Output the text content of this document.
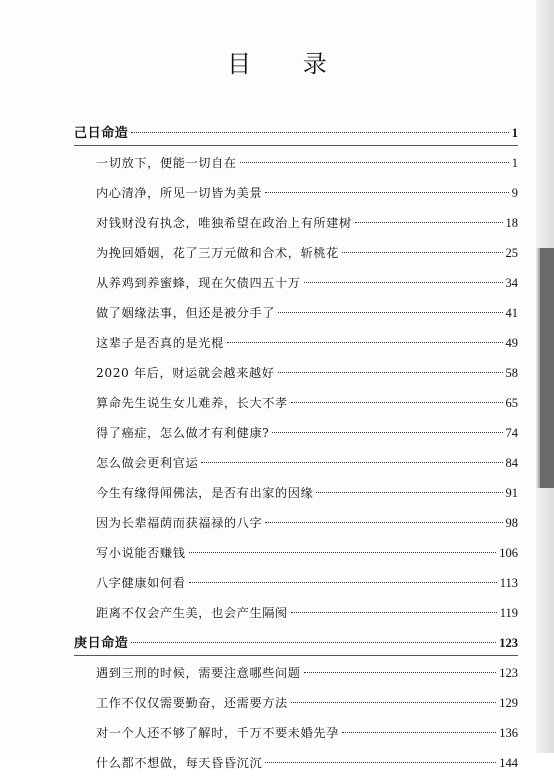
目 录
己日命造	1
一切放下，便能一切自在	1
内心清净，所见一切皆为美景	9
对钱财没有执念，唯独希望在政治上有所建树	18
为挽回婚姻，花了三万元做和合术，斩桃花	25
从养鸡到养蜜蜂，现在欠债四五十万	34
做了姻缘法事，但还是被分手了	41
这辈子是否真的是光棍	49
2020 年后，财运就会越来越好	58
算命先生说生女儿难养，长大不孝	65
得了癌症，怎么做才有利健康?	74
怎么做会更利官运	84
今生有缘得闻佛法，是否有出家的因缘	91
因为长辈福荫而获福禄的八字	98
写小说能否赚钱	106
八字健康如何看	113
距离不仅会产生美，也会产生隔阂	119
庚日命造	123
遇到三刑的时候，需要注意哪些问题	123
工作不仅仅需要勤奋，还需要方法	129
对一个人还不够了解时，千万不要未婚先孕	136
什么都不想做，每天昏昏沉沉	144
